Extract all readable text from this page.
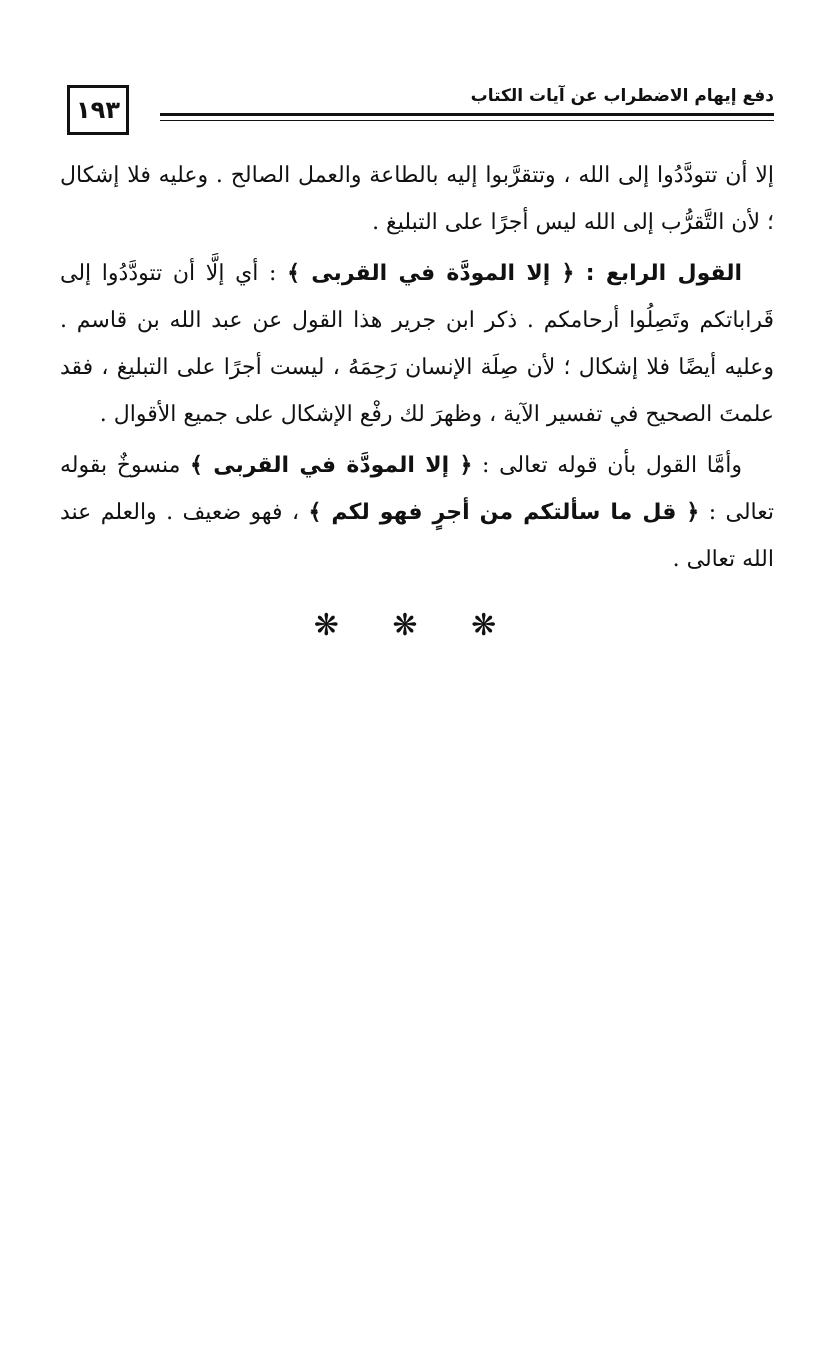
١٩٣	دفع إيهام الاضطراب عن آيات الكتاب

إلا أن تتودَّدُوا إلى الله ، وتتقرَّبوا إليه بالطاعة والعمل الصالح . وعليه فلا إشكال ؛ لأن التَّقرُّب إلى الله ليس أجرًا على التبليغ .

القول الرابع : ﴿ إلا المودَّة في القربى ﴾ : أي إلَّا أن تتودَّدُوا إلى قَراباتكم وتَصِلُوا أرحامكم . ذكر ابن جرير هذا القول عن عبد الله بن قاسم . وعليه أيضًا فلا إشكال ؛ لأن صِلَة الإنسان رَحِمَهُ ، ليست أجرًا على التبليغ ، فقد علمتَ الصحيح في تفسير الآية ، وظهرَ لك رفْع الإشكال على جميع الأقوال .

وأمَّا القول بأن قوله تعالى : ﴿ إلا المودَّة في القربى ﴾ منسوخٌ بقوله تعالى : ﴿ قل ما سألتكم من أجرٍ فهو لكم ﴾ ، فهو ضعيف . والعلم عند الله تعالى .

❋ ❋ ❋
